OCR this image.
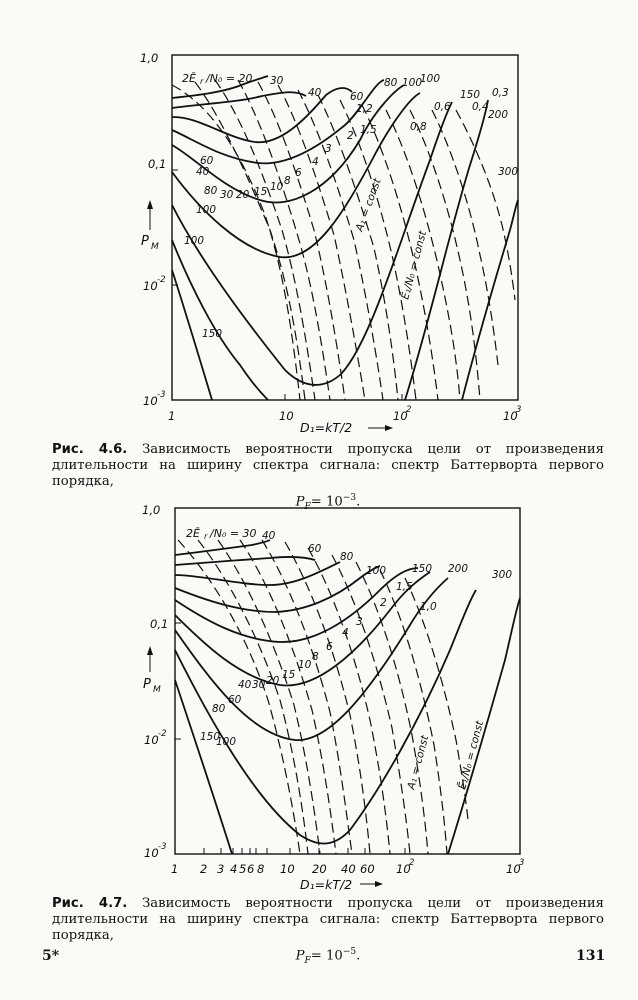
1,0
0,1
10 -2
10 -3
P M
1	10	10
2	10
3
D₁=kT/2
2Ē r /N₀ = 20 30
40	60
80 100
100
150
200
300
60
80
100
100
150
1,2
1,5
2
3
4
6
8
10
15
20
30
40
0,8
0,6 0,4
0,3
A₁ = const
Ē₁/N₀ = const
1,0
0,1
10 -2
10 -3
P M
1 2 3 4 5 6 8 10 20 40 60 10
2	10
3
D₁=kT/2
2Ē r /N₀ = 30 40
60
80
100 150 200 300
40
60
80
100
150
1,5
1,0
2
3
4
6
8
10
15
20
30
A₁ = const Ē₁/N₀ = const
Рис. 4.6. Зависимость вероятности пропуска цели от произведения длительности на ширину спектра сигнала: спектр Баттерворта первого порядка,
$P_F= 10^{-3}$.
Рис. 4.7. Зависимость вероятности пропуска цели от произведения длительности на ширину спектра сигнала: спектр Баттерворта первого порядка,
$P_F= 10^{-5}$.
5*	131
